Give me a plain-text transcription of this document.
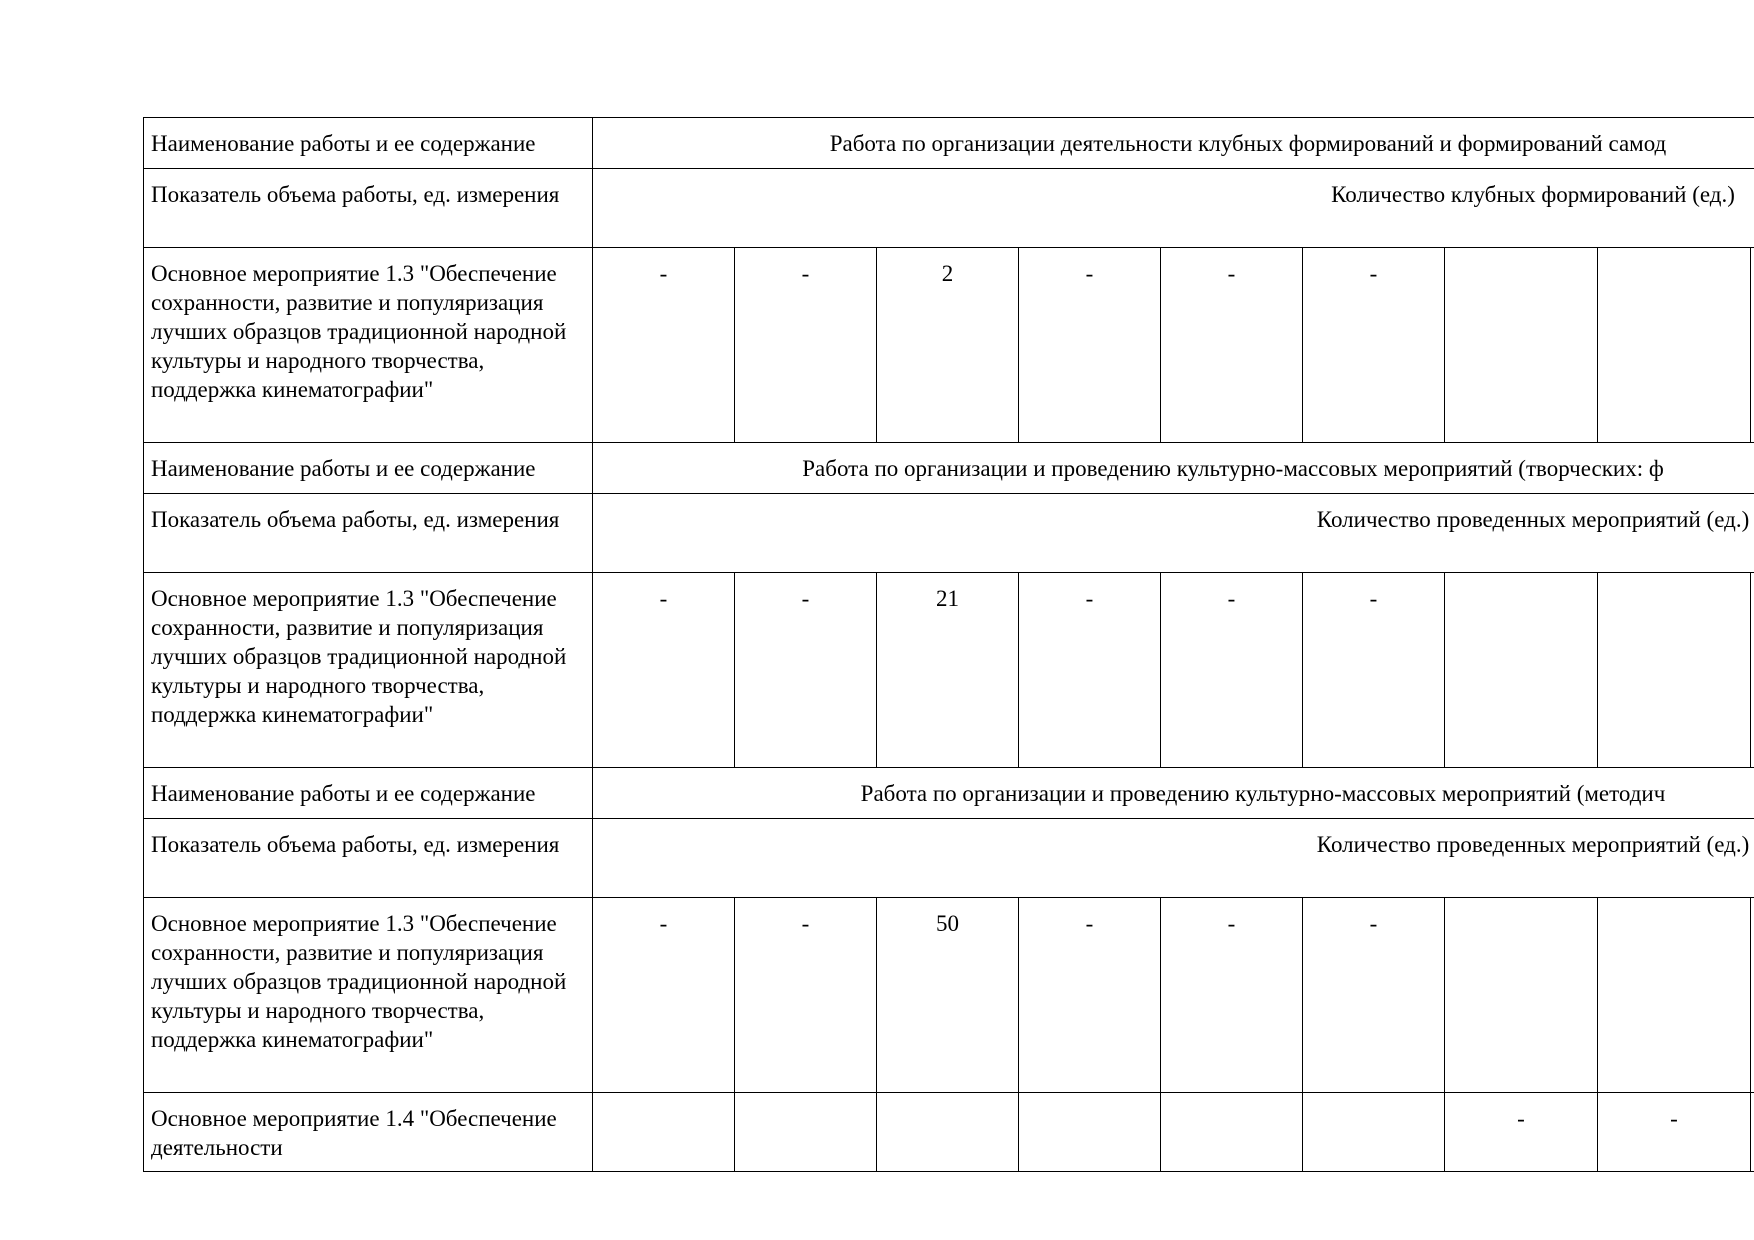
Наименование работы и ее содержание	Работа по организации деятельности клубных формирований и формирований самод								
Показатель объема работы, ед. измерения	Количество клубных формирований (ед.)								
Основное мероприятие 1.3 "Обеспечение сохранности, развитие и популяризация лучших образцов традиционной народной культуры и народного творчества, поддержка кинематографии"	-	-	2	-	-	-			
Наименование работы и ее содержание	Работа по организации и проведению культурно-массовых мероприятий (творческих: ф								
Показатель объема работы, ед. измерения	Количество проведенных мероприятий (ед.)								
Основное мероприятие 1.3 "Обеспечение сохранности, развитие и популяризация лучших образцов традиционной народной культуры и народного творчества, поддержка кинематографии"	-	-	21	-	-	-			
Наименование работы и ее содержание	Работа по организации и проведению культурно-массовых мероприятий (методич								
Показатель объема работы, ед. измерения	Количество проведенных мероприятий (ед.)								
Основное мероприятие 1.3 "Обеспечение сохранности, развитие и популяризация лучших образцов традиционной народной культуры и народного творчества, поддержка кинематографии"	-	-	50	-	-	-			
Основное мероприятие 1.4 "Обеспечение деятельности							-	-	
